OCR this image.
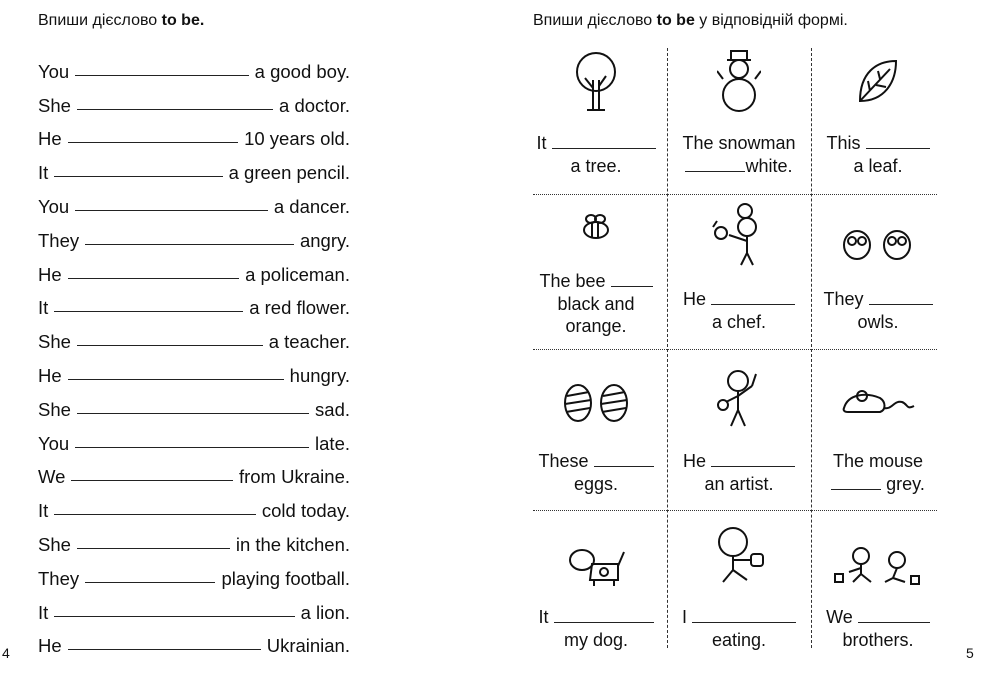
Впиши дієслово to be.
You	a good boy.
She	a doctor.
He	10 years old.
It	a green pencil.
You	a dancer.
They	angry.
He	a policeman.
It	a red flower.
She	a teacher.
He	hungry.
She	sad.
You	late.
We	from Ukraine.
It	cold today.
She	in the kitchen.
They	playing football.
It	a lion.
He	Ukrainian.
4
Впиши дієслово to be у відповідній формі.
It
a tree.
The snowman
white.
This
a leaf.
The bee
black and
orange.
He
a chef.
They
owls.
These
eggs.
He
an artist.
The mouse
grey.
It
my dog.
I
eating.
We
brothers.
5
